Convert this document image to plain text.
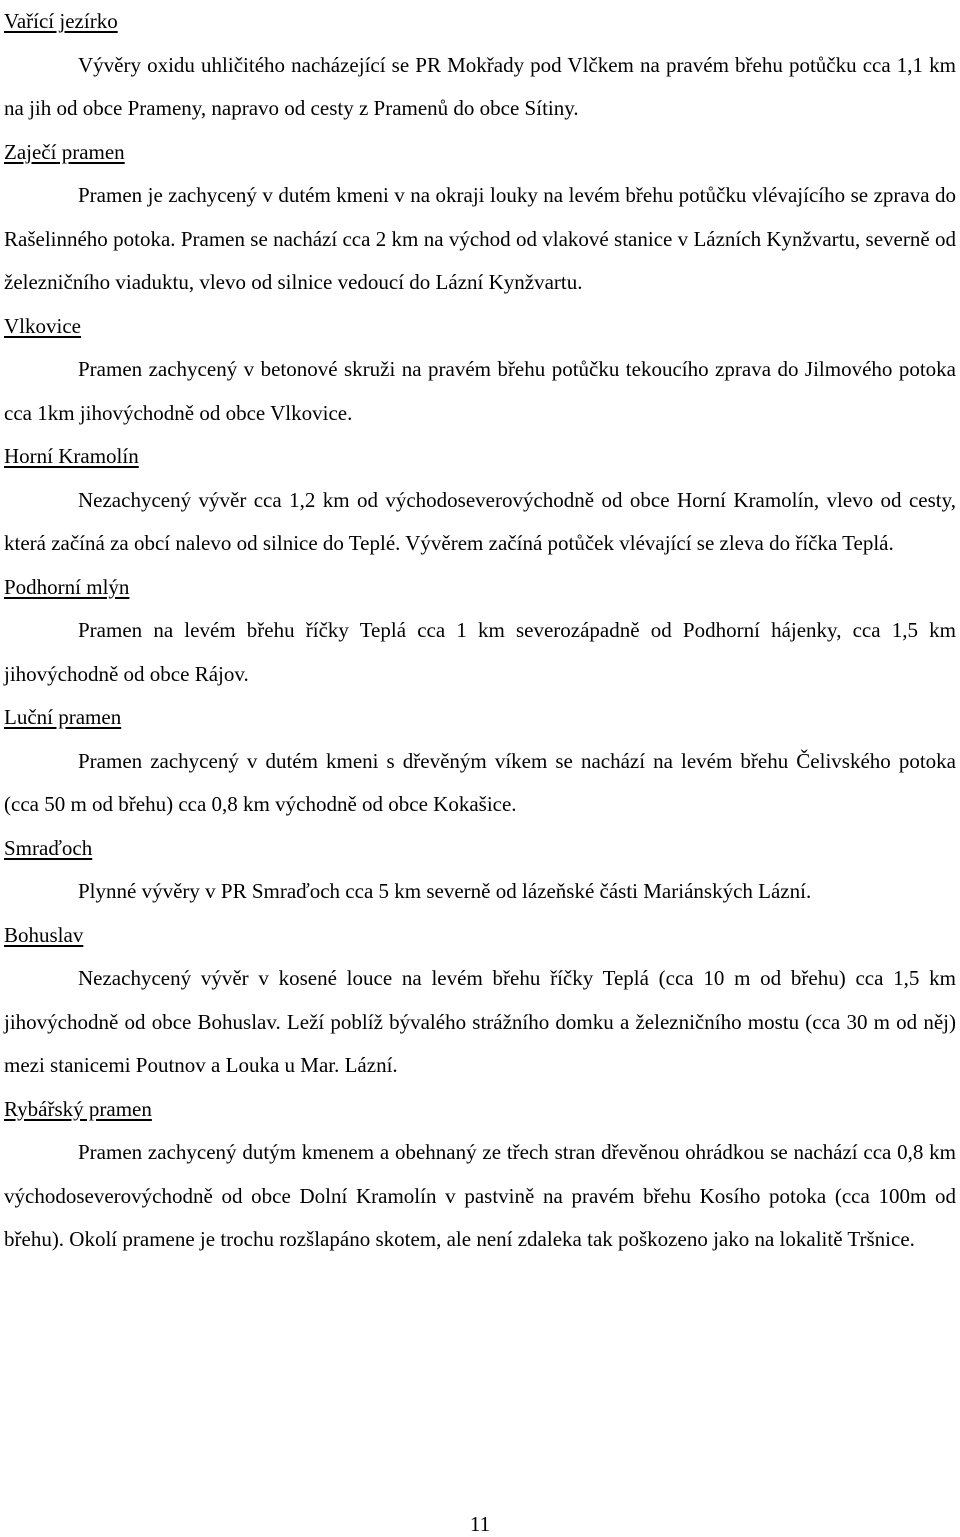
Vařící jezírko

Vývěry oxidu uhličitého nacházející se PR Mokřady pod Vlčkem na pravém břehu potůčku cca 1,1 km na jih od obce Prameny, napravo od cesty z Pramenů do obce Sítiny.

Zaječí pramen

Pramen je zachycený v dutém kmeni v na okraji louky na levém břehu potůčku vlévajícího se zprava do Rašelinného potoka. Pramen se nachází cca 2 km na východ od vlakové stanice v Lázních Kynžvartu, severně od železničního viaduktu, vlevo od silnice vedoucí do Lázní Kynžvartu.

Vlkovice

Pramen zachycený v betonové skruži na pravém břehu potůčku tekoucího zprava do Jilmového potoka cca 1km jihovýchodně od obce Vlkovice.

Horní Kramolín

Nezachycený vývěr cca 1,2 km od východoseverovýchodně od obce Horní Kramolín, vlevo od cesty, která začíná za obcí nalevo od silnice do Teplé. Vývěrem začíná potůček vlévající se zleva do říčka Teplá.

Podhorní mlýn

Pramen na levém břehu říčky Teplá cca 1 km severozápadně od Podhorní hájenky, cca 1,5 km jihovýchodně od obce Rájov.

Luční pramen

Pramen zachycený v dutém kmeni s dřevěným víkem se nachází na levém břehu Čelivského potoka (cca 50 m od břehu) cca 0,8 km východně od obce Kokašice.

Smraďoch

Plynné vývěry v PR Smraďoch cca 5 km severně od lázeňské části Mariánských Lázní.

Bohuslav

Nezachycený vývěr v kosené louce na levém břehu říčky Teplá (cca 10 m od břehu) cca 1,5 km jihovýchodně od obce Bohuslav. Leží poblíž bývalého strážního domku a železničního mostu (cca 30 m od něj) mezi stanicemi Poutnov a Louka u Mar. Lázní.

Rybářský pramen

Pramen zachycený dutým kmenem a obehnaný ze třech stran dřevěnou ohrádkou se nachází cca 0,8 km východoseverovýchodně od obce Dolní Kramolín v pastvině na pravém břehu Kosího potoka (cca 100m od břehu). Okolí pramene je trochu rozšlapáno skotem, ale není zdaleka tak poškozeno jako na lokalitě Tršnice.

11
